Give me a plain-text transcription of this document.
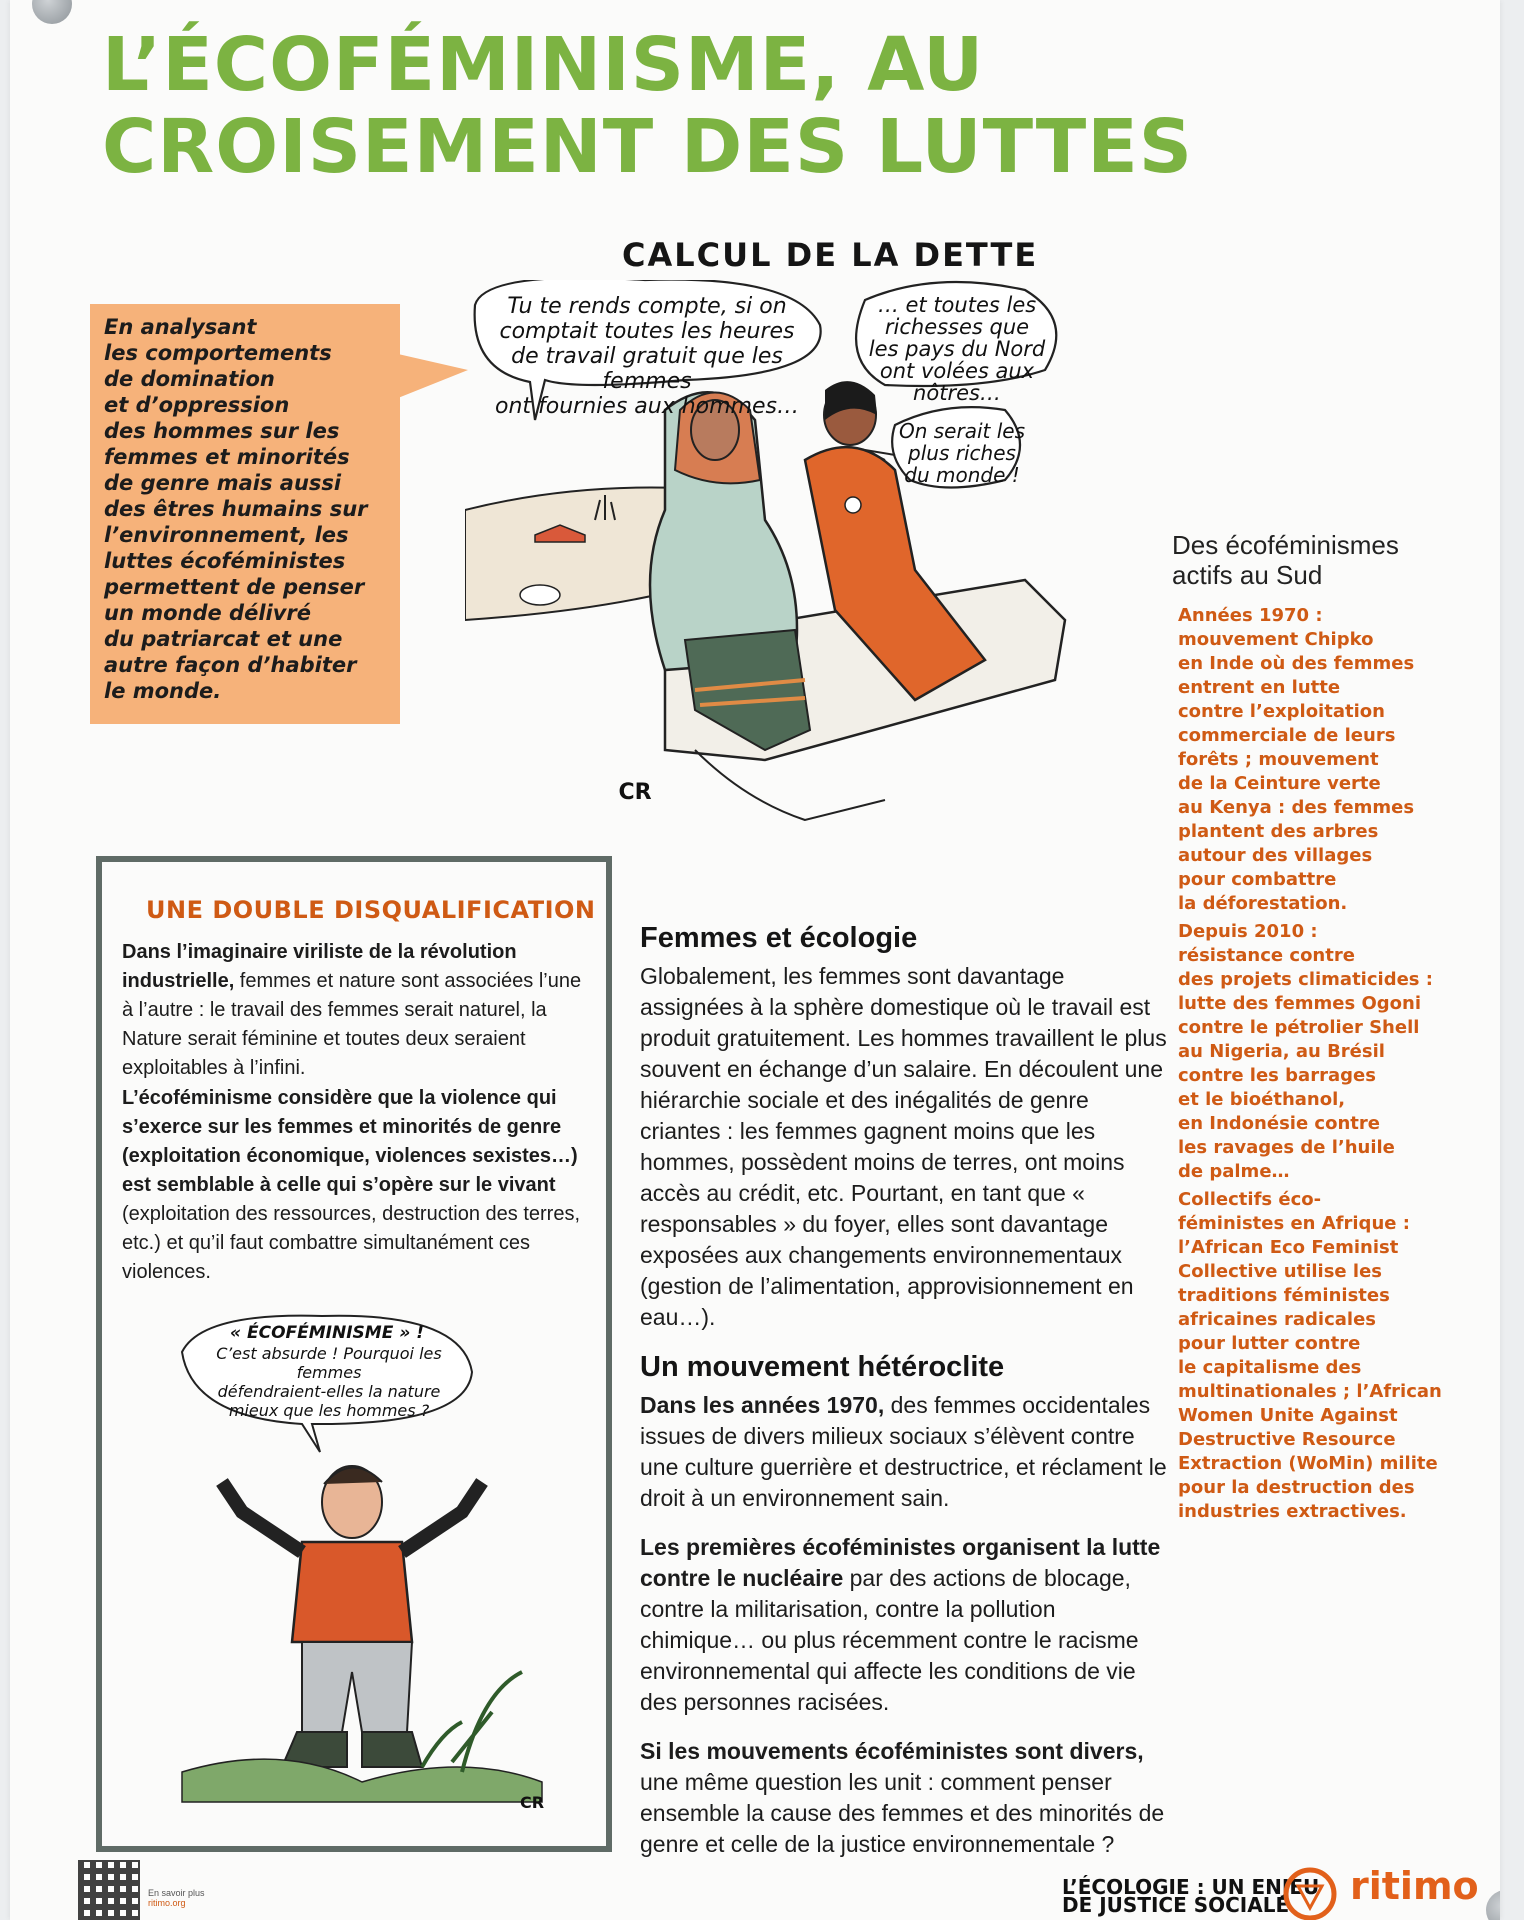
L’ÉCOFÉMINISME, AU CROISEMENT DES LUTTES
CALCUL DE LA DETTE
En analysant
les comportements
de domination
et d’oppression
des hommes sur les
femmes et minorités
de genre mais aussi
des êtres humains sur
l’environnement, les
luttes écoféministes
permettent de penser
un monde délivré
du patriarcat et une
autre façon d’habiter
le monde.
Tu te rends compte, si on
comptait toutes les heures
de travail gratuit que les femmes
ont fournies aux hommes…
… et toutes les
richesses que
les pays du Nord
ont volées aux nôtres…
On serait les
plus riches
du monde !
CR
Des écoféminismes
actifs au Sud
Années 1970 :
mouvement Chipko
en Inde où des femmes
entrent en lutte
contre l’exploitation
commerciale de leurs
forêts ; mouvement
de la Ceinture verte
au Kenya : des femmes
plantent des arbres
autour des villages
pour combattre
la déforestation.
Depuis 2010 :
résistance contre
des projets climaticides :
lutte des femmes Ogoni
contre le pétrolier Shell
au Nigeria, au Brésil
contre les barrages
et le bioéthanol,
en Indonésie contre
les ravages de l’huile
de palme…
Collectifs éco-
féministes en Afrique :
l’African Eco Feminist
Collective utilise les
traditions féministes
africaines radicales
pour lutter contre
le capitalisme des
multinationales ; l’African
Women Unite Against
Destructive Resource
Extraction (WoMin) milite
pour la destruction des
industries extractives.
UNE DOUBLE DISQUALIFICATION
Dans l’imaginaire viriliste de la révolution industrielle, femmes et nature sont associées l’une à l’autre : le travail des femmes serait naturel, la Nature serait féminine et toutes deux seraient exploitables à l’infini.
L’écoféminisme considère que la violence qui s’exerce sur les femmes et minorités de genre (exploitation économique, violences sexistes…) est semblable à celle qui s’opère sur le vivant (exploitation des ressources, destruction des terres, etc.) et qu’il faut combattre simultanément ces violences.
« ÉCOFÉMINISME » !
C’est absurde ! Pourquoi les femmes
défendraient-elles la nature
mieux que les hommes ?
CR
Femmes et écologie

Globalement, les femmes sont davantage assignées à la sphère domestique où le travail est produit gratuitement. Les hommes travaillent le plus souvent en échange d’un salaire. En découlent une hiérarchie sociale et des inégalités de genre criantes : les femmes gagnent moins que les hommes, possèdent moins de terres, ont moins accès au crédit, etc. Pourtant, en tant que « responsables » du foyer, elles sont davantage exposées aux changements environnementaux (gestion de l’alimentation, approvisionnement en eau…).

Un mouvement hétéroclite

Dans les années 1970, des femmes occidentales issues de divers milieux sociaux s’élèvent contre une culture guerrière et destructrice, et réclament le droit à un environnement sain.

Les premières écoféministes organisent la lutte contre le nucléaire par des actions de blocage, contre la militarisation, contre la pollution chimique… ou plus récemment contre le racisme environnemental qui affecte les conditions de vie des personnes racisées.

Si les mouvements écoféministes sont divers, une même question les unit : comment penser ensemble la cause des femmes et des minorités de genre et celle de la justice environnementale ?

En savoir plus
ritimo.org
L’ÉCOLOGIE : UN ENJEU
DE JUSTICE SOCIALE	ritimo
